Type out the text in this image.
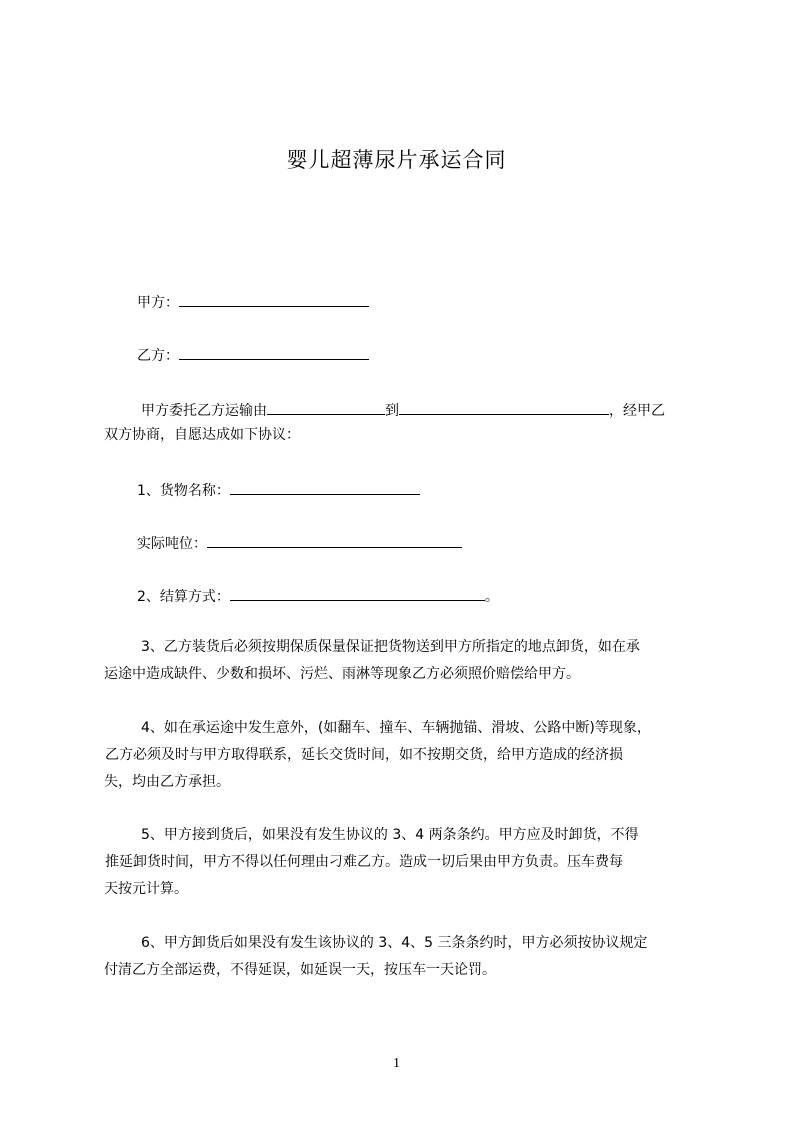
婴儿超薄尿片承运合同
甲方：
乙方：
甲方委托乙方运输由	到	，经甲乙
双方协商，自愿达成如下协议：
1、货物名称：
实际吨位：
2、结算方式：	。
3、乙方装货后必须按期保质保量保证把货物送到甲方所指定的地点卸货，如在承
运途中造成缺件、少数和损坏、污烂、雨淋等现象乙方必须照价赔偿给甲方。
4、如在承运途中发生意外，(如翻车、撞车、车辆抛锚、滑坡、公路中断)等现象，
乙方必须及时与甲方取得联系，延长交货时间，如不按期交货，给甲方造成的经济损
失，均由乙方承担。
5、甲方接到货后，如果没有发生协议的 3、4 两条条约。甲方应及时卸货，不得
推延卸货时间，甲方不得以任何理由刁难乙方。造成一切后果由甲方负责。压车费每
天按元计算。
6、甲方卸货后如果没有发生该协议的 3、4、5 三条条约时，甲方必须按协议规定
付清乙方全部运费，不得延误，如延误一天，按压车一天论罚。
1
